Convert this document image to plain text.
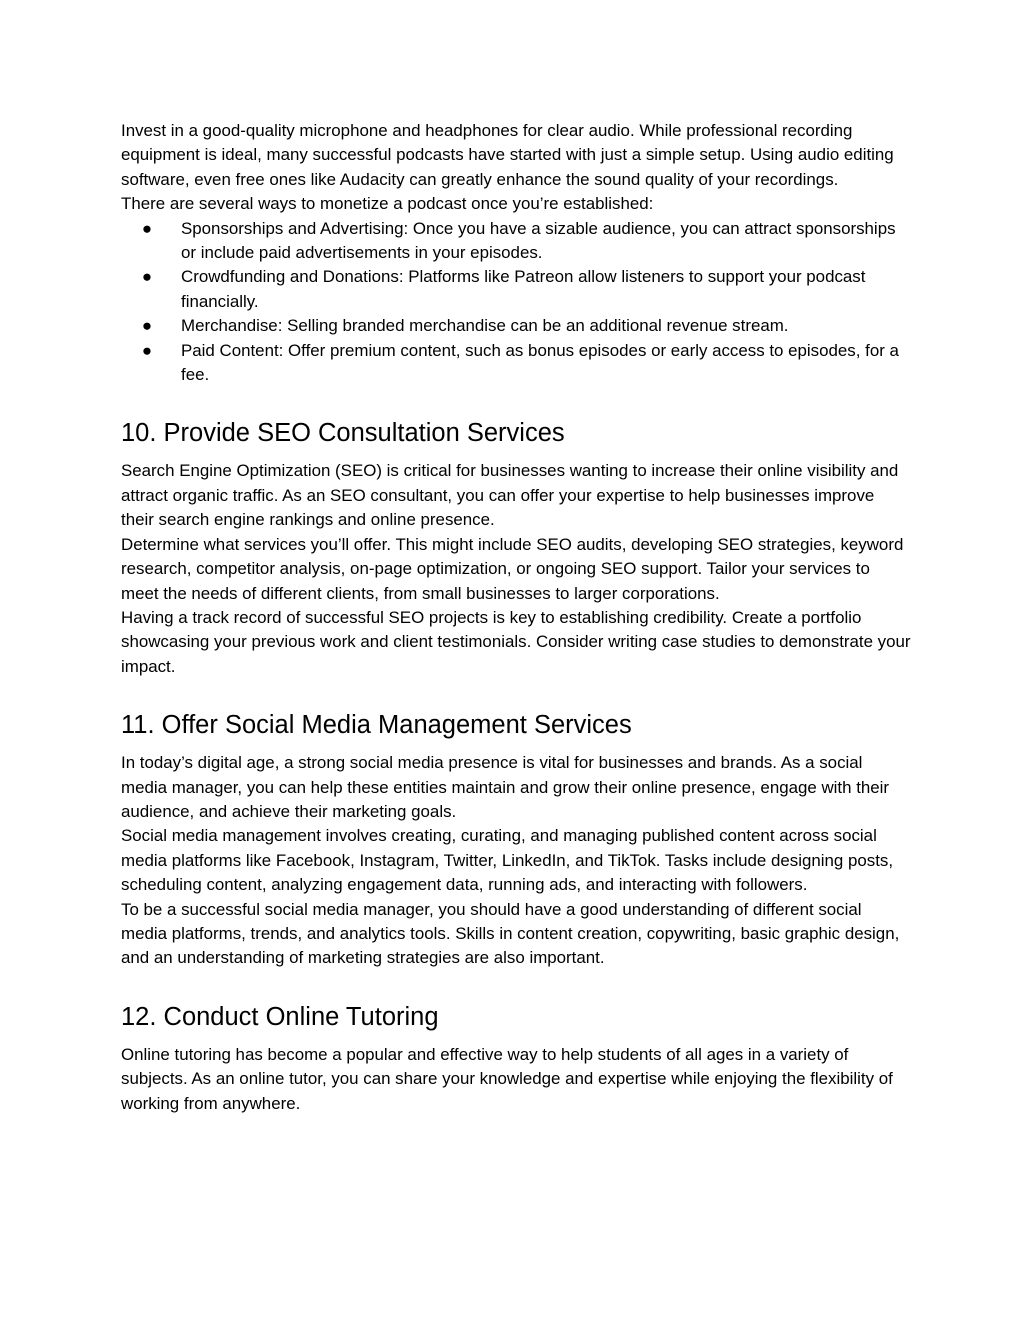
Invest in a good-quality microphone and headphones for clear audio. While professional recording equipment is ideal, many successful podcasts have started with just a simple setup. Using audio editing software, even free ones like Audacity can greatly enhance the sound quality of your recordings.

There are several ways to monetize a podcast once you’re established:

● Sponsorships and Advertising: Once you have a sizable audience, you can attract sponsorships or include paid advertisements in your episodes.
● Crowdfunding and Donations: Platforms like Patreon allow listeners to support your podcast financially.
● Merchandise: Selling branded merchandise can be an additional revenue stream.
● Paid Content: Offer premium content, such as bonus episodes or early access to episodes, for a fee.
10. Provide SEO Consultation Services

Search Engine Optimization (SEO) is critical for businesses wanting to increase their online visibility and attract organic traffic. As an SEO consultant, you can offer your expertise to help businesses improve their search engine rankings and online presence.

Determine what services you’ll offer. This might include SEO audits, developing SEO strategies, keyword research, competitor analysis, on-page optimization, or ongoing SEO support. Tailor your services to meet the needs of different clients, from small businesses to larger corporations.

Having a track record of successful SEO projects is key to establishing credibility. Create a portfolio showcasing your previous work and client testimonials. Consider writing case studies to demonstrate your impact.

11. Offer Social Media Management Services

In today’s digital age, a strong social media presence is vital for businesses and brands. As a social media manager, you can help these entities maintain and grow their online presence, engage with their audience, and achieve their marketing goals.

Social media management involves creating, curating, and managing published content across social media platforms like Facebook, Instagram, Twitter, LinkedIn, and TikTok. Tasks include designing posts, scheduling content, analyzing engagement data, running ads, and interacting with followers.

To be a successful social media manager, you should have a good understanding of different social media platforms, trends, and analytics tools. Skills in content creation, copywriting, basic graphic design, and an understanding of marketing strategies are also important.

12. Conduct Online Tutoring

Online tutoring has become a popular and effective way to help students of all ages in a variety of subjects. As an online tutor, you can share your knowledge and expertise while enjoying the flexibility of working from anywhere.
